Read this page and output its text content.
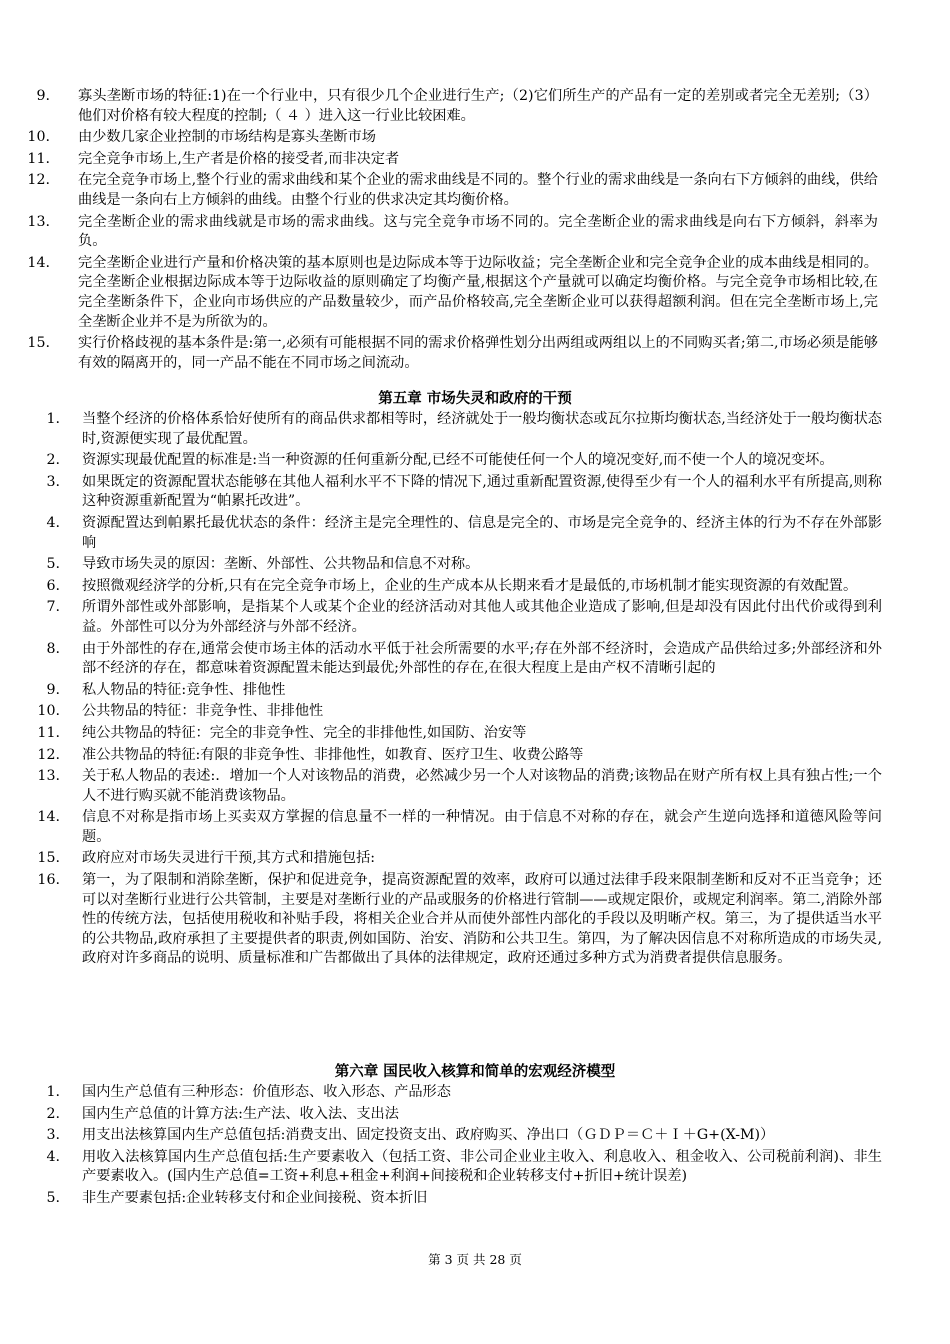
9.	寡头垄断市场的特征:1)在一个行业中，只有很少几个企业进行生产;（2)它们所生产的产品有一定的差别或者完全无差别;（3）他们对价格有较大程度的控制;（ ４ ）进入这一行业比较困难。
10.	由少数几家企业控制的市场结构是寡头垄断市场
11.	完全竞争市场上,生产者是价格的接受者,而非决定者
12.	在完全竞争市场上,整个行业的需求曲线和某个企业的需求曲线是不同的。整个行业的需求曲线是一条向右下方倾斜的曲线，供给曲线是一条向右上方倾斜的曲线。由整个行业的供求决定其均衡价格。
13.	完全垄断企业的需求曲线就是市场的需求曲线。这与完全竞争市场不同的。完全垄断企业的需求曲线是向右下方倾斜，斜率为负。
14.	完全垄断企业进行产量和价格决策的基本原则也是边际成本等于边际收益；完全垄断企业和完全竞争企业的成本曲线是相同的。完全垄断企业根据边际成本等于边际收益的原则确定了均衡产量,根据这个产量就可以确定均衡价格。与完全竞争市场相比较,在完全垄断条件下，企业向市场供应的产品数量较少，而产品价格较高,完全垄断企业可以获得超额利润。但在完全垄断市场上,完全垄断企业并不是为所欲为的。
15.	实行价格歧视的基本条件是:第一,必须有可能根据不同的需求价格弹性划分出两组或两组以上的不同购买者;第二,市场必须是能够有效的隔离开的，同一产品不能在不同市场之间流动。
第五章 市场失灵和政府的干预
1.	当整个经济的价格体系恰好使所有的商品供求都相等时，经济就处于一般均衡状态或瓦尔拉斯均衡状态,当经济处于一般均衡状态时,资源便实现了最优配置。
2.	资源实现最优配置的标准是:当一种资源的任何重新分配,已经不可能使任何一个人的境况变好,而不使一个人的境况变坏。
3.	如果既定的资源配置状态能够在其他人福利水平不下降的情况下,通过重新配置资源,使得至少有一个人的福利水平有所提高,则称这种资源重新配置为“帕累托改进”。
4.	资源配置达到帕累托最优状态的条件：经济主是完全理性的、信息是完全的、市场是完全竞争的、经济主体的行为不存在外部影响
5.	导致市场失灵的原因：垄断、外部性、公共物品和信息不对称。
6.	按照微观经济学的分析,只有在完全竞争市场上，企业的生产成本从长期来看才是最低的,市场机制才能实现资源的有效配置。
7.	所谓外部性或外部影响，是指某个人或某个企业的经济活动对其他人或其他企业造成了影响,但是却没有因此付出代价或得到利益。外部性可以分为外部经济与外部不经济。
8.	由于外部性的存在,通常会使市场主体的活动水平低于社会所需要的水平;存在外部不经济时，会造成产品供给过多;外部经济和外部不经济的存在，都意味着资源配置未能达到最优;外部性的存在,在很大程度上是由产权不清晰引起的
9.	私人物品的特征:竞争性、排他性
10.	公共物品的特征：非竞争性、非排他性
11.	纯公共物品的特征：完全的非竞争性、完全的非排他性,如国防、治安等
12.	准公共物品的特征:有限的非竞争性、非排他性，如教育、医疗卫生、收费公路等
13.	关于私人物品的表述:．增加一个人对该物品的消费，必然减少另一个人对该物品的消费;该物品在财产所有权上具有独占性;一个人不进行购买就不能消费该物品。
14.	信息不对称是指市场上买卖双方掌握的信息量不一样的一种情况。由于信息不对称的存在，就会产生逆向选择和道德风险等问题。
15.	政府应对市场失灵进行干预,其方式和措施包括:
16.	第一，为了限制和消除垄断，保护和促进竞争，提高资源配置的效率，政府可以通过法律手段来限制垄断和反对不正当竞争；还可以对垄断行业进行公共管制，主要是对垄断行业的产品或服务的价格进行管制——或规定限价，或规定利润率。第二,消除外部性的传统方法，包括使用税收和补贴手段，将相关企业合并从而使外部性内部化的手段以及明晰产权。第三，为了提供适当水平的公共物品,政府承担了主要提供者的职责,例如国防、治安、消防和公共卫生。第四，为了解决因信息不对称所造成的市场失灵,政府对许多商品的说明、质量标准和广告都做出了具体的法律规定，政府还通过多种方式为消费者提供信息服务。
第六章 国民收入核算和简单的宏观经济模型
1.	国内生产总值有三种形态：价值形态、收入形态、产品形态
2.	国内生产总值的计算方法:生产法、收入法、支出法
3.	用支出法核算国内生产总值包括:消费支出、固定投资支出、政府购买、净出口（ＧＤＰ＝Ｃ＋Ｉ＋G+(X-M)）
4.	用收入法核算国内生产总值包括:生产要素收入（包括工资、非公司企业业主收入、利息收入、租金收入、公司税前利润)、非生产要素收入。(国内生产总值=工资+利息+租金+利润+间接税和企业转移支付+折旧+统计误差)
5.	非生产要素包括:企业转移支付和企业间接税、资本折旧
第 3 页 共 28 页
